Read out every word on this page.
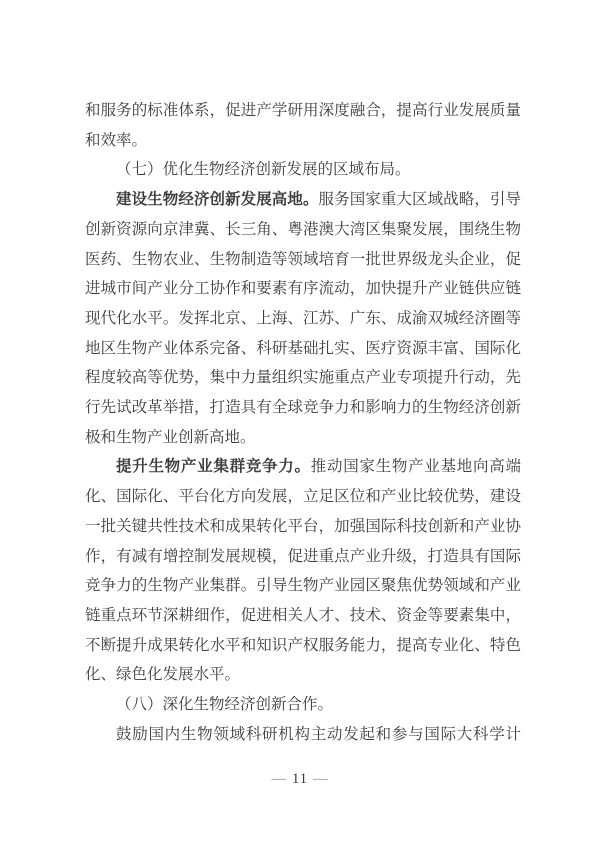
和服务的标准体系，促进产学研用深度融合，提高行业发展质量和效率。

（七）优化生物经济创新发展的区域布局。

建设生物经济创新发展高地。服务国家重大区域战略，引导创新资源向京津冀、长三角、粤港澳大湾区集聚发展，围绕生物医药、生物农业、生物制造等领域培育一批世界级龙头企业，促进城市间产业分工协作和要素有序流动，加快提升产业链供应链现代化水平。发挥北京、上海、江苏、广东、成渝双城经济圈等地区生物产业体系完备、科研基础扎实、医疗资源丰富、国际化程度较高等优势，集中力量组织实施重点产业专项提升行动，先行先试改革举措，打造具有全球竞争力和影响力的生物经济创新极和生物产业创新高地。

提升生物产业集群竞争力。推动国家生物产业基地向高端化、国际化、平台化方向发展，立足区位和产业比较优势，建设一批关键共性技术和成果转化平台，加强国际科技创新和产业协作，有减有增控制发展规模，促进重点产业升级，打造具有国际竞争力的生物产业集群。引导生物产业园区聚焦优势领域和产业链重点环节深耕细作，促进相关人才、技术、资金等要素集中，不断提升成果转化水平和知识产权服务能力，提高专业化、特色化、绿色化发展水平。

（八）深化生物经济创新合作。

鼓励国内生物领域科研机构主动发起和参与国际大科学计

— 11 —
